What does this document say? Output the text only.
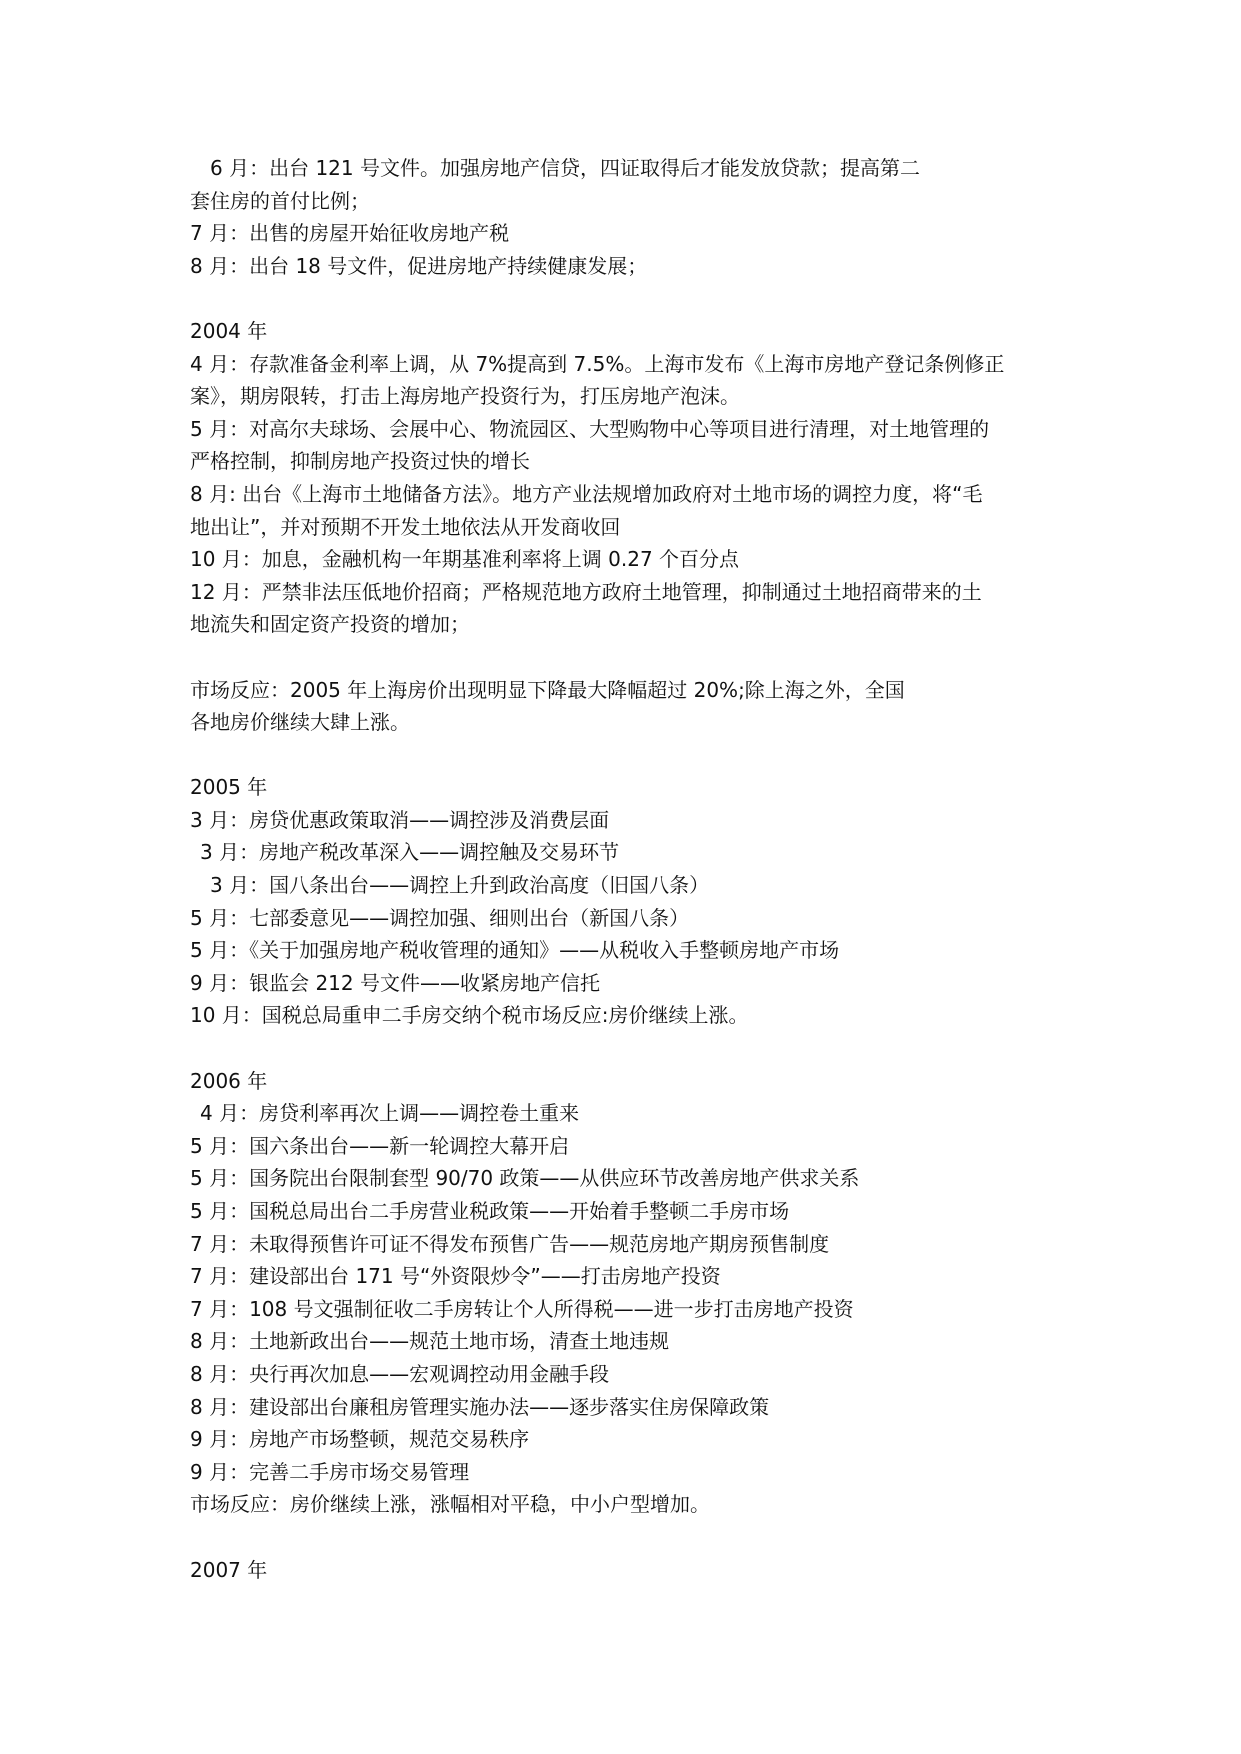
6 月：出台 121 号文件。加强房地产信贷，四证取得后才能发放贷款；提高第二
套住房的首付比例；
7 月：出售的房屋开始征收房地产税
8 月：出台 18 号文件，促进房地产持续健康发展；
2004 年
4 月：存款准备金利率上调，从 7%提高到 7.5%。上海市发布《上海市房地产登记条例修正
案》，期房限转，打击上海房地产投资行为，打压房地产泡沫。
5 月：对高尔夫球场、会展中心、物流园区、大型购物中心等项目进行清理，对土地管理的
严格控制，抑制房地产投资过快的增长
8 月: 出台《上海市土地储备方法》。地方产业法规增加政府对土地市场的调控力度，将“毛
地出让”，并对预期不开发土地依法从开发商收回
10 月：加息，金融机构一年期基准利率将上调 0.27 个百分点
12 月：严禁非法压低地价招商；严格规范地方政府土地管理，抑制通过土地招商带来的土
地流失和固定资产投资的增加；
市场反应：2005 年上海房价出现明显下降最大降幅超过 20%;除上海之外，全国
各地房价继续大肆上涨。
2005 年
3 月：房贷优惠政策取消——调控涉及消费层面
3 月：房地产税改革深入——调控触及交易环节
3 月：国八条出台——调控上升到政治高度（旧国八条）
5 月：七部委意见——调控加强、细则出台（新国八条）
5 月：《关于加强房地产税收管理的通知》——从税收入手整顿房地产市场
9 月：银监会 212 号文件——收紧房地产信托
10 月：国税总局重申二手房交纳个税市场反应:房价继续上涨。
2006 年
4 月：房贷利率再次上调——调控卷土重来
5 月：国六条出台——新一轮调控大幕开启
5 月：国务院出台限制套型 90/70 政策——从供应环节改善房地产供求关系
5 月：国税总局出台二手房营业税政策——开始着手整顿二手房市场
7 月：未取得预售许可证不得发布预售广告——规范房地产期房预售制度
7 月：建设部出台 171 号“外资限炒令”——打击房地产投资
7 月：108 号文强制征收二手房转让个人所得税——进一步打击房地产投资
8 月：土地新政出台——规范土地市场，清查土地违规
8 月：央行再次加息——宏观调控动用金融手段
8 月：建设部出台廉租房管理实施办法——逐步落实住房保障政策
9 月：房地产市场整顿，规范交易秩序
9 月：完善二手房市场交易管理
市场反应：房价继续上涨，涨幅相对平稳，中小户型增加。
2007 年
